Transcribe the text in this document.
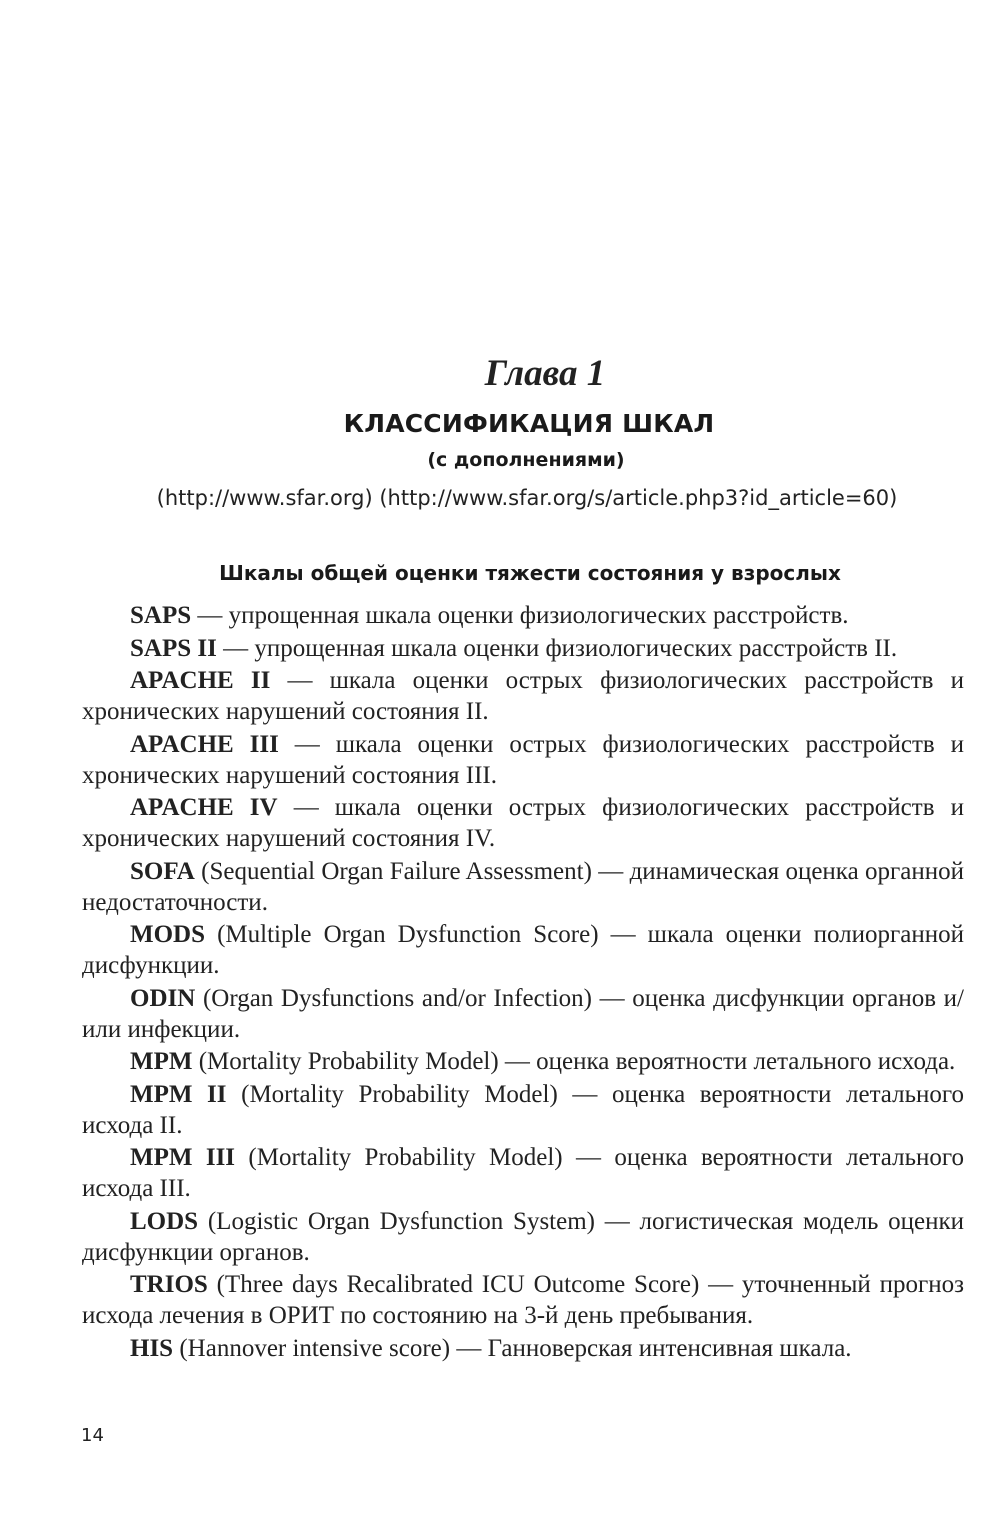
Глава 1
КЛАССИФИКАЦИЯ ШКАЛ
(с дополнениями)
(http://www.sfar.org) (http://www.sfar.org/s/article.php3?id_article=60)
Шкалы общей оценки тяжести состояния у взрослых

SAPS — упрощенная шкала оценки физиологических расстройств.

SAPS II — упрощенная шкала оценки физиологических расстройств II.

APACHE II — шкала оценки острых физиологических расстройств и хронических нарушений состояния II.

APACHE III — шкала оценки острых физиологических расстройств и хронических нарушений состояния III.

APACHE IV — шкала оценки острых физиологических расстройств и хронических нарушений состояния IV.

SOFA (Sequential Organ Failure Assessment) — динамическая оценка органной недостаточности.

MODS (Multiple Organ Dysfunction Score) — шкала оценки полиорганной дисфункции.

ODIN (Organ Dysfunctions and/or Infection) — оценка дисфункции органов и/или инфекции.

MPM (Mortality Probability Model) — оценка вероятности летального исхода.

MPM II (Mortality Probability Model) — оценка вероятности летального исхода II.

MPM III (Mortality Probability Model) — оценка вероятности летального исхода III.

LODS (Logistic Organ Dysfunction System) — логистическая модель оценки дисфункции органов.

TRIOS (Three days Recalibrated ICU Outcome Score) — уточненный прогноз исхода лечения в ОРИТ по состоянию на 3-й день пребывания.

HIS (Hannover intensive score) — Ганноверская интенсивная шкала.

14
